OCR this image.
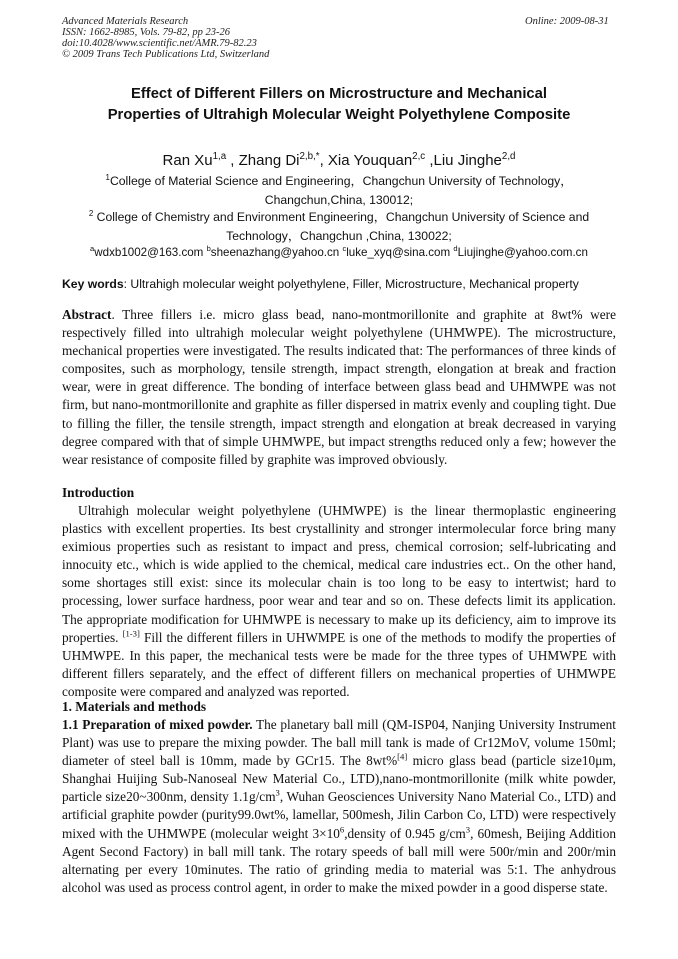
Advanced Materials Research
ISSN: 1662-8985, Vols. 79-82, pp 23-26
doi:10.4028/www.scientific.net/AMR.79-82.23
© 2009 Trans Tech Publications Ltd, Switzerland
Online: 2009-08-31
Effect of Different Fillers on Microstructure and Mechanical
Properties of Ultrahigh Molecular Weight Polyethylene Composite
Ran Xu$^{1,a}$ , Zhang $Di^{2,b,*}$, Xia Youquan$^{2,c}$ ,Liu Jinghe$^{2,d}$
$^1$College of Material Science and Engineering，Changchun University of Technology，
Changchun,China, 130012;
$^2$ College of Chemistry and Environment Engineering，Changchun University of Science and
Technology，Changchun ,China, 130022;
$^a$wdxb1002@163.com $^b$sheenazhang@yahoo.cn $^c$luke_xyq@sina.com $^d$Liujinghe@yahoo.com.cn
Key words: Ultrahigh molecular weight polyethylene, Filler, Microstructure, Mechanical property
Abstract. Three fillers i.e. micro glass bead, nano-montmorillonite and graphite at 8wt% were respectively filled into ultrahigh molecular weight polyethylene (UHMWPE). The microstructure, mechanical properties were investigated. The results indicated that: The performances of three kinds of composites, such as morphology, tensile strength, impact strength, elongation at break and fraction wear, were in great difference. The bonding of interface between glass bead and UHMWPE was not firm, but nano-montmorillonite and graphite as filler dispersed in matrix evenly and coupling tight. Due to filling the filler, the tensile strength, impact strength and elongation at break decreased in varying degree compared with that of simple UHMWPE, but impact strengths reduced only a few; however the wear resistance of composite filled by graphite was improved obviously.
Introduction
Ultrahigh molecular weight polyethylene (UHMWPE) is the linear thermoplastic engineering plastics with excellent properties. Its best crystallinity and stronger intermolecular force bring many eximious properties such as resistant to impact and press, chemical corrosion; self-lubricating and innocuity etc., which is wide applied to the chemical, medical care industries ect.. On the other hand, some shortages still exist: since its molecular chain is too long to be easy to intertwist; hard to processing, lower surface hardness, poor wear and tear and so on. These defects limit its application. The appropriate modification for UHMWPE is necessary to make up its deficiency, aim to improve its properties. [1-3] Fill the different fillers in UHWMPE is one of the methods to modify the properties of UHMWPE. In this paper, the mechanical tests were be made for the three types of UHMWPE with different fillers separately, and the effect of different fillers on mechanical properties of UHMWPE composite were compared and analyzed was reported.
1. Materials and methods
1.1 Preparation of mixed powder. The planetary ball mill (QM-ISP04, Nanjing University Instrument Plant) was use to prepare the mixing powder. The ball mill tank is made of Cr12MoV, volume 150ml; diameter of steel ball is 10mm, made by GCr15. The 8wt%[4] micro glass bead (particle size10μm, Shanghai Huijing Sub-Nanoseal New Material Co., LTD),nano-montmorillonite (milk white powder, particle size20~300nm, density $1.1g/cm^3$, Wuhan Geosciences University Nano Material Co., LTD) and artificial graphite powder (purity99.0wt%, lamellar, 500mesh, Jilin Carbon Co, LTD) were respectively mixed with the UHMWPE (molecular weight $3\times 10^6,density$ of 0.945 $g/cm^3$, 60mesh, Beijing Addition Agent Second Factory) in ball mill tank. The rotary speeds of ball mill were 500r/min and 200r/min alternating per every 10minutes. The ratio of grinding media to material was 5:1. The anhydrous alcohol was used as process control agent, in order to make the mixed powder in a good disperse state.
